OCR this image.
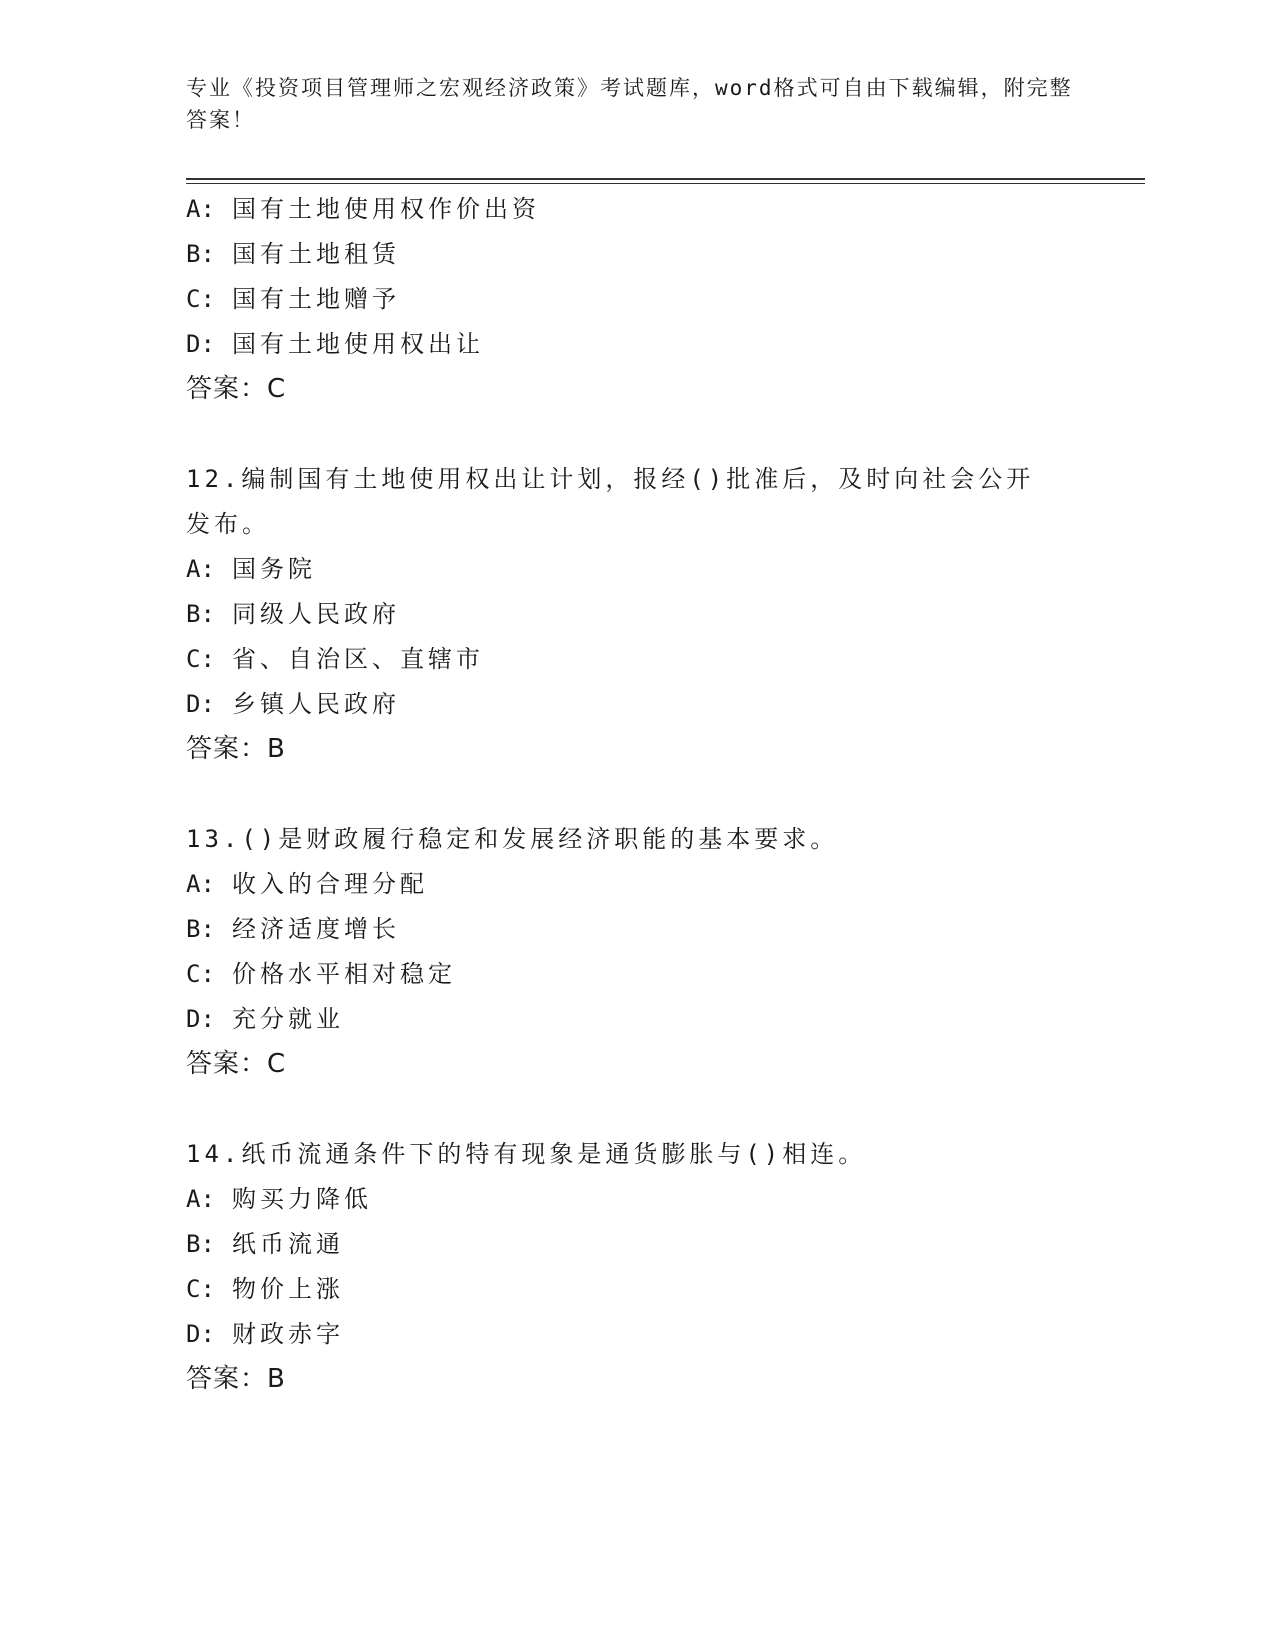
专业《投资项目管理师之宏观经济政策》考试题库，word格式可自由下载编辑，附完整答案！
A: 国有土地使用权作价出资
B: 国有土地租赁
C: 国有土地赠予
D: 国有土地使用权出让
答案：C
12.编制国有土地使用权出让计划，报经()批准后，及时向社会公开发布。
A: 国务院
B: 同级人民政府
C: 省、自治区、直辖市
D: 乡镇人民政府
答案：B
13.()是财政履行稳定和发展经济职能的基本要求。
A: 收入的合理分配
B: 经济适度增长
C: 价格水平相对稳定
D: 充分就业
答案：C
14.纸币流通条件下的特有现象是通货膨胀与()相连。
A: 购买力降低
B: 纸币流通
C: 物价上涨
D: 财政赤字
答案：B
